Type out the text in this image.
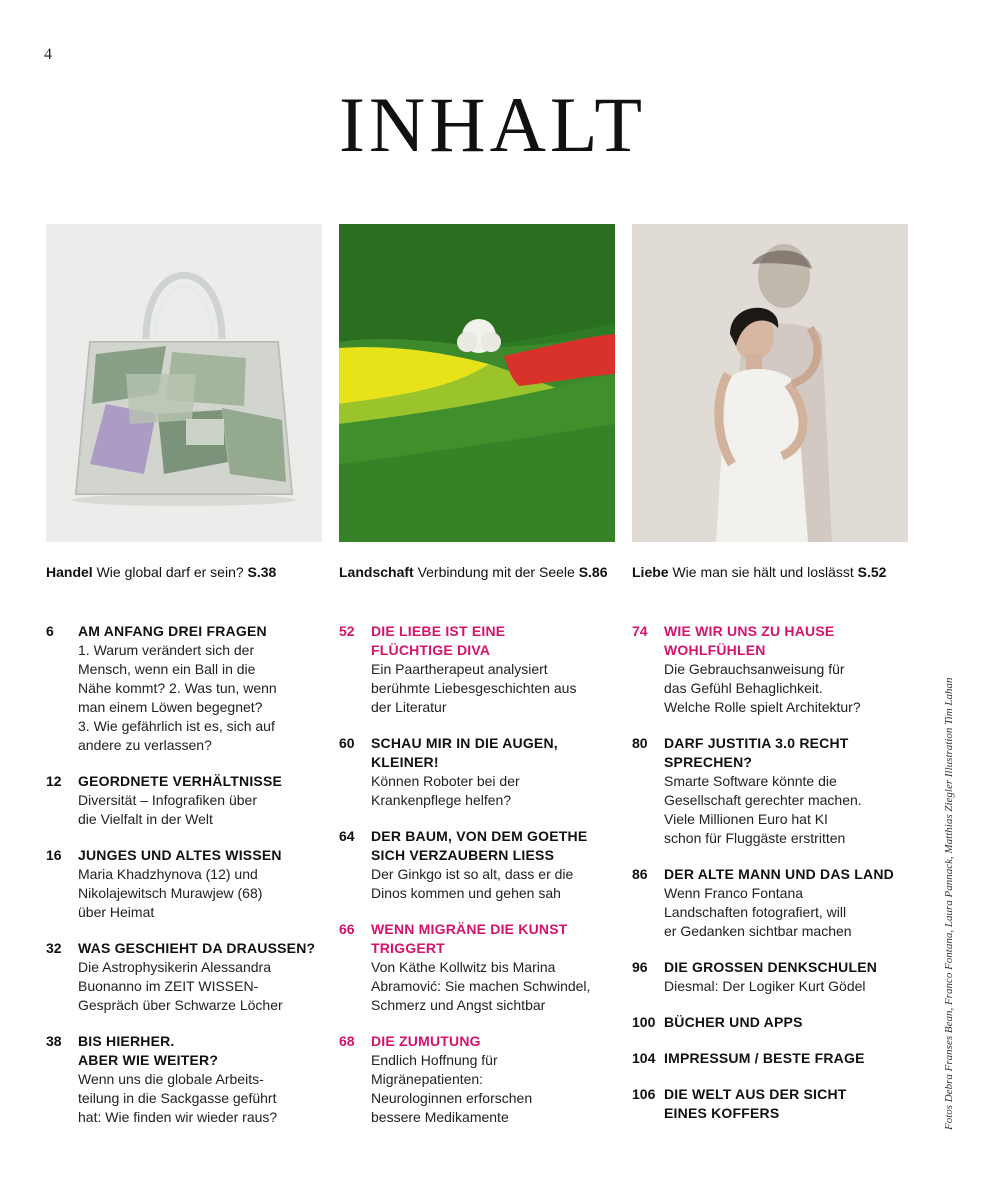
4
INHALT
Handel Wie global darf er sein? S.38	Landschaft Verbindung mit der Seele S.86 Liebe Wie man sie hält und loslässt S.52
6 AM ANFANG DREI FRAGEN
1. Warum verändert sich der
Mensch, wenn ein Ball in die
Nähe kommt? 2. Was tun, wenn
man einem Löwen begegnet?
3. Wie gefährlich ist es, sich auf
andere zu verlassen?
12 GEORDNETE VERHÄLTNISSE
Diversität – Infografiken über
die Vielfalt in der Welt
16 JUNGES UND ALTES WISSEN
Maria Khadzhynova (12) und
Nikolajewitsch Murawjew (68)
über Heimat
32 WAS GESCHIEHT DA DRAUSSEN?
Die Astrophysikerin Alessandra
Buonanno im ZEIT WISSEN-
Gespräch über Schwarze Löcher
38 BIS HIERHER.
ABER WIE WEITER?
Wenn uns die globale Arbeits-
teilung in die Sackgasse geführt
hat: Wie finden wir wieder raus?
52 DIE LIEBE IST EINE
FLÜCHTIGE DIVA
Ein Paartherapeut analysiert
berühmte Liebesgeschichten aus
der Literatur
60 SCHAU MIR IN DIE AUGEN,
KLEINER!
Können Roboter bei der
Krankenpflege helfen?
64 DER BAUM, VON DEM GOETHE
SICH VERZAUBERN LIESS
Der Ginkgo ist so alt, dass er die
Dinos kommen und gehen sah
66 WENN MIGRÄNE DIE KUNST
TRIGGERT
Von Käthe Kollwitz bis Marina
Abramović: Sie machen Schwindel,
Schmerz und Angst sichtbar
68 DIE ZUMUTUNG
Endlich Hoffnung für
Migränepatienten:
Neurologinnen erforschen
bessere Medikamente
74 WIE WIR UNS ZU HAUSE
WOHLFÜHLEN
Die Gebrauchsanweisung für
das Gefühl Behaglichkeit.
Welche Rolle spielt Architektur?
80 DARF JUSTITIA 3.0 RECHT
SPRECHEN?
Smarte Software könnte die
Gesellschaft gerechter machen.
Viele Millionen Euro hat KI
schon für Fluggäste erstritten
86 DER ALTE MANN UND DAS LAND
Wenn Franco Fontana
Landschaften fotografiert, will
er Gedanken sichtbar machen
96 DIE GROSSEN DENKSCHULEN
Diesmal: Der Logiker Kurt Gödel
100 BÜCHER UND APPS
104 IMPRESSUM / BESTE FRAGE
106 DIE WELT AUS DER SICHT
EINES KOFFERS	Fotos Debra Franses Bean, Franco Fontana, Laura Pannack, Matthias Ziegler Illustration Tim Lahan
